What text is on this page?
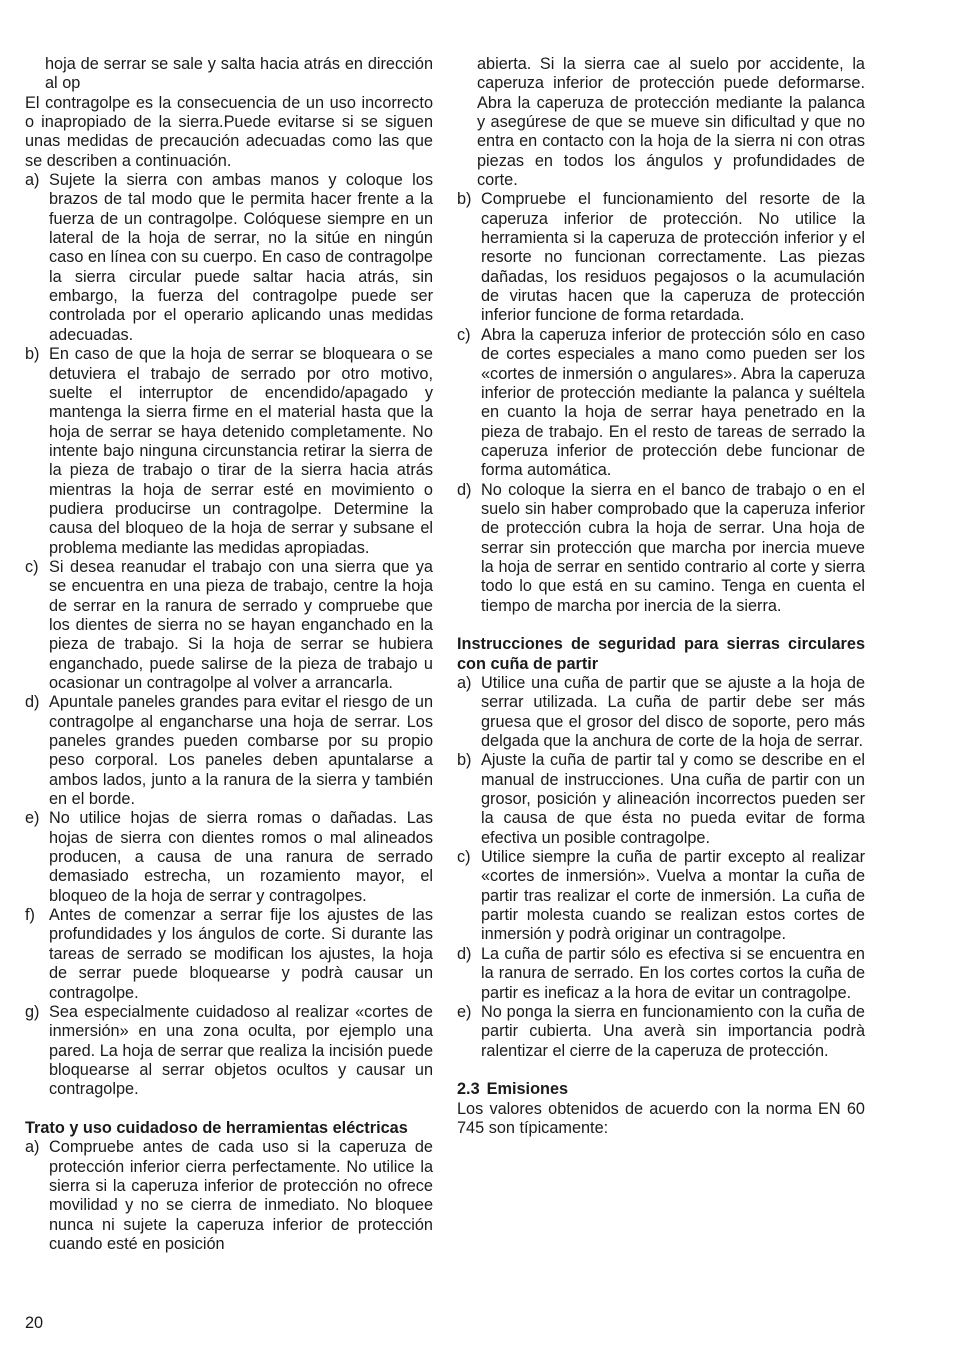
hoja de serrar se sale y salta hacia atrás en dirección al op

El contragolpe es la consecuencia de un uso incorrecto o inapropiado de la sierra.Puede evitarse si se siguen unas medidas de precaución adecuadas como las que se describen a continuación.

a) Sujete la sierra con ambas manos y coloque los brazos de tal modo que le permita hacer frente a la fuerza de un contragolpe. Colóquese siempre en un lateral de la hoja de serrar, no la sitúe en ningún caso en línea con su cuerpo. En caso de contragolpe la sierra circular puede saltar hacia atrás, sin embargo, la fuerza del contragolpe puede ser controlada por el operario aplicando unas medidas adecuadas.
b) En caso de que la hoja de serrar se bloqueara o se detuviera el trabajo de serrado por otro motivo, suelte el interruptor de encendido/apagado y mantenga la sierra firme en el material hasta que la hoja de serrar se haya detenido completamente. No intente bajo ninguna circunstancia retirar la sierra de la pieza de trabajo o tirar de la sierra hacia atrás mientras la hoja de serrar esté en movimiento o pudiera producirse un contragolpe. Determine la causa del bloqueo de la hoja de serrar y subsane el problema mediante las medidas apropiadas.
c) Si desea reanudar el trabajo con una sierra que ya se encuentra en una pieza de trabajo, centre la hoja de serrar en la ranura de serrado y compruebe que los dientes de sierra no se hayan enganchado en la pieza de trabajo. Si la hoja de serrar se hubiera enganchado, puede salirse de la pieza de trabajo u ocasionar un contragolpe al volver a arrancarla.
d) Apuntale paneles grandes para evitar el riesgo de un contragolpe al engancharse una hoja de serrar. Los paneles grandes pueden combarse por su propio peso corporal. Los paneles deben apuntalarse a ambos lados, junto a la ranura de la sierra y también en el borde.
e) No utilice hojas de sierra romas o dañadas. Las hojas de sierra con dientes romos o mal alineados producen, a causa de una ranura de serrado demasiado estrecha, un rozamiento mayor, el bloqueo de la hoja de serrar y contragolpes.
f) Antes de comenzar a serrar fije los ajustes de las profundidades y los ángulos de corte. Si durante las tareas de serrado se modifican los ajustes, la hoja de serrar puede bloquearse y podrà causar un contragolpe.
g) Sea especialmente cuidadoso al realizar «cortes de inmersión» en una zona oculta, por ejemplo una pared. La hoja de serrar que realiza la incisión puede bloquearse al serrar objetos ocultos y causar un contragolpe.

Trato y uso cuidadoso de herramientas eléctricas

a) Compruebe antes de cada uso si la caperuza de protección inferior cierra perfectamente. No utilice la sierra si la caperuza inferior de protección no ofrece movilidad y no se cierra de inmediato. No bloquee nunca ni sujete la caperuza inferior de protección cuando esté en posición

abierta. Si la sierra cae al suelo por accidente, la caperuza inferior de protección puede deformarse. Abra la caperuza de protección mediante la palanca y asegúrese de que se mueve sin dificultad y que no entra en contacto con la hoja de la sierra ni con otras piezas en todos los ángulos y profundidades de corte.

b) Compruebe el funcionamiento del resorte de la caperuza inferior de protección. No utilice la herramienta si la caperuza de protección inferior y el resorte no funcionan correctamente. Las piezas dañadas, los residuos pegajosos o la acumulación de virutas hacen que la caperuza de protección inferior funcione de forma retardada.
c) Abra la caperuza inferior de protección sólo en caso de cortes especiales a mano como pueden ser los «cortes de inmersión o angulares». Abra la caperuza inferior de protección mediante la palanca y suéltela en cuanto la hoja de serrar haya penetrado en la pieza de trabajo. En el resto de tareas de serrado la caperuza inferior de protección debe funcionar de forma automática.
d) No coloque la sierra en el banco de trabajo o en el suelo sin haber comprobado que la caperuza inferior de protección cubra la hoja de serrar. Una hoja de serrar sin protección que marcha por inercia mueve la hoja de serrar en sentido contrario al corte y sierra todo lo que está en su camino. Tenga en cuenta el tiempo de marcha por inercia de la sierra.

Instrucciones de seguridad para sierras circulares con cuña de partir

a) Utilice una cuña de partir que se ajuste a la hoja de serrar utilizada. La cuña de partir debe ser más gruesa que el grosor del disco de soporte, pero más delgada que la anchura de corte de la hoja de serrar.
b) Ajuste la cuña de partir tal y como se describe en el manual de instrucciones. Una cuña de partir con un grosor, posición y alineación incorrectos pueden ser la causa de que ésta no pueda evitar de forma efectiva un posible contragolpe.
c) Utilice siempre la cuña de partir excepto al realizar «cortes de inmersión». Vuelva a montar la cuña de partir tras realizar el corte de inmersión. La cuña de partir molesta cuando se realizan estos cortes de inmersión y podrà originar un contragolpe.
d) La cuña de partir sólo es efectiva si se encuentra en la ranura de serrado. En los cortes cortos la cuña de partir es ineficaz a la hora de evitar un contragolpe.
e) No ponga la sierra en funcionamiento con la cuña de partir cubierta. Una averà sin importancia podrà ralentizar el cierre de la caperuza de protección.

2.3 Emisiones

Los valores obtenidos de acuerdo con la norma EN 60 745 son típicamente:

20
